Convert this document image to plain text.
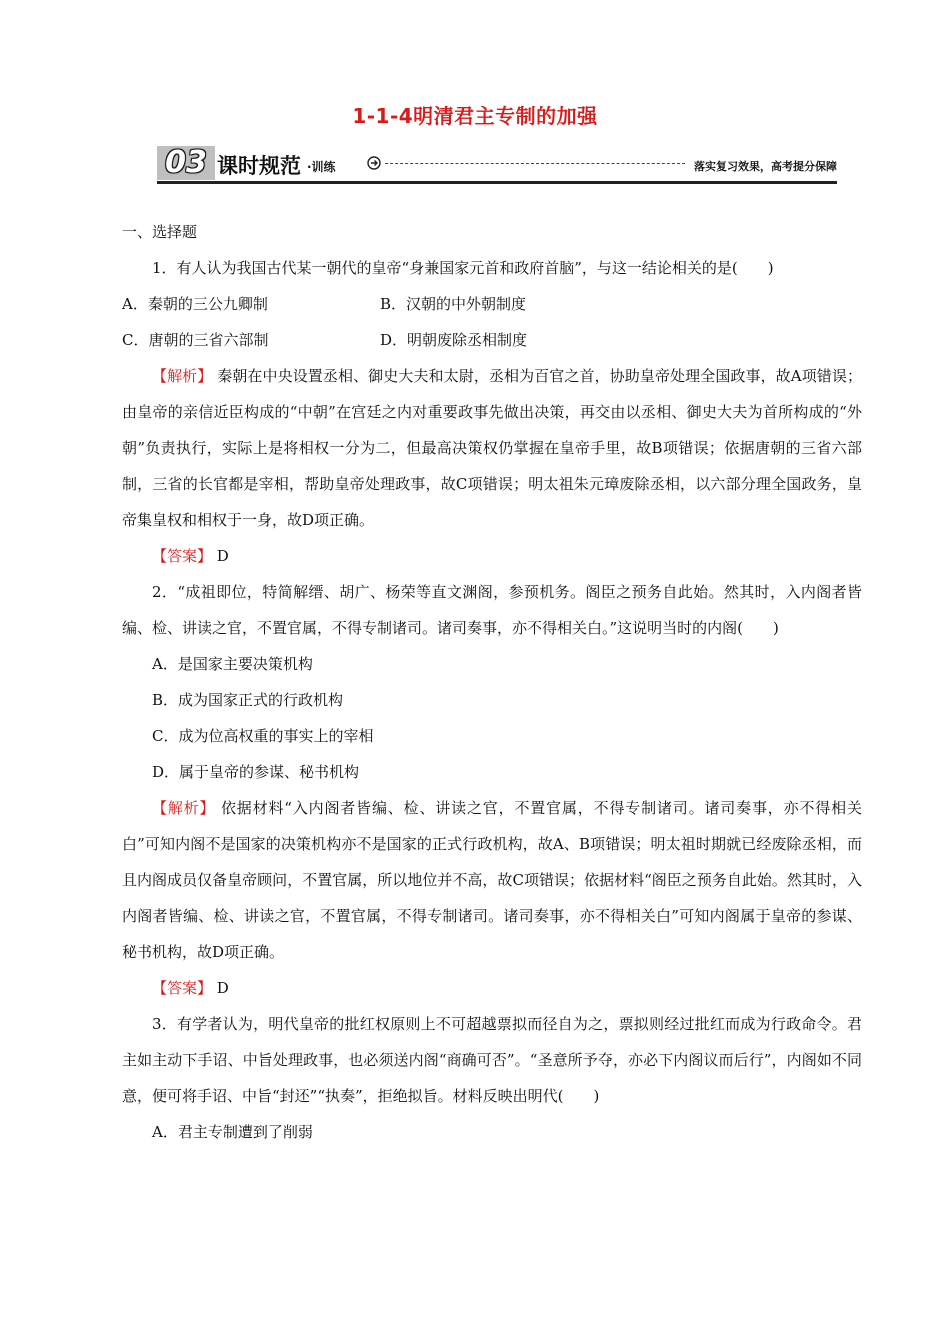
1-1-4明清君主专制的加强
03 课时规范 ·训练	落实复习效果，高考提分保障

一、选择题

1．有人认为我国古代某一朝代的皇帝“身兼国家元首和政府首脑”，与这一结论相关的是(　　)

A．秦朝的三公九卿制	B．汉朝的中外朝制度
C．唐朝的三省六部制	D．明朝废除丞相制度

【解析】 秦朝在中央设置丞相、御史大夫和太尉，丞相为百官之首，协助皇帝处理全国政事，故A项错误；由皇帝的亲信近臣构成的“中朝”在宫廷之内对重要政事先做出决策，再交由以丞相、御史大夫为首所构成的“外朝”负责执行，实际上是将相权一分为二，但最高决策权仍掌握在皇帝手里，故B项错误；依据唐朝的三省六部制，三省的长官都是宰相，帮助皇帝处理政事，故C项错误；明太祖朱元璋废除丞相，以六部分理全国政务，皇帝集皇权和相权于一身，故D项正确。

【答案】 D

2．“成祖即位，特简解缙、胡广、杨荣等直文渊阁，参预机务。阁臣之预务自此始。然其时，入内阁者皆编、检、讲读之官，不置官属，不得专制诸司。诸司奏事，亦不得相关白。”这说明当时的内阁(　　)

A．是国家主要决策机构

B．成为国家正式的行政机构

C．成为位高权重的事实上的宰相

D．属于皇帝的参谋、秘书机构

【解析】 依据材料“入内阁者皆编、检、讲读之官，不置官属，不得专制诸司。诸司奏事，亦不得相关白”可知内阁不是国家的决策机构亦不是国家的正式行政机构，故A、B项错误；明太祖时期就已经废除丞相，而且内阁成员仅备皇帝顾问，不置官属，所以地位并不高，故C项错误；依据材料“阁臣之预务自此始。然其时，入内阁者皆编、检、讲读之官，不置官属，不得专制诸司。诸司奏事，亦不得相关白”可知内阁属于皇帝的参谋、秘书机构，故D项正确。

【答案】 D

3．有学者认为，明代皇帝的批红权原则上不可超越票拟而径自为之，票拟则经过批红而成为行政命令。君主如主动下手诏、中旨处理政事，也必须送内阁“商确可否”。“圣意所予夺，亦必下内阁议而后行”，内阁如不同意，便可将手诏、中旨“封还”“执奏”，拒绝拟旨。材料反映出明代(　　)

A．君主专制遭到了削弱
